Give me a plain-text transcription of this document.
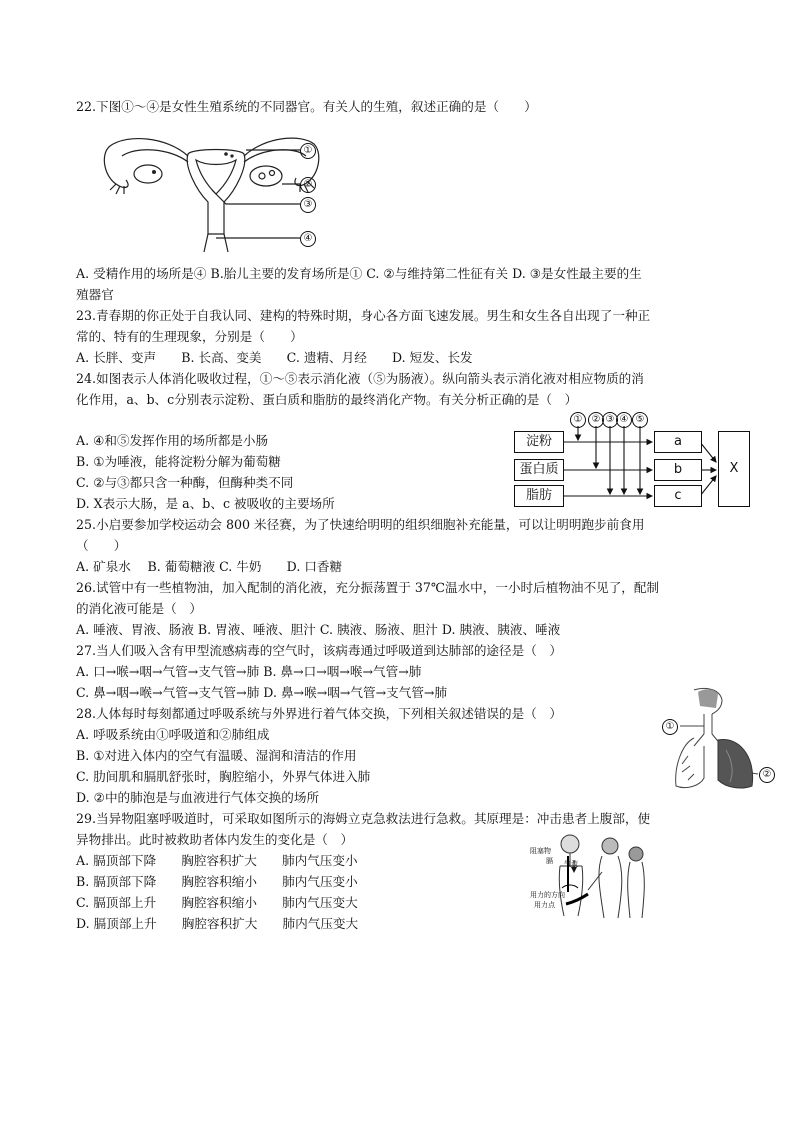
22.下图①～④是女性生殖系统的不同器官。有关人的生殖，叙述正确的是（　　）
①
②
③
④
A. 受精作用的场所是④ B.胎儿主要的发育场所是① C. ②与维持第二性征有关 D. ③是女性最主要的生
殖器官
23.青春期的你正处于自我认同、建构的特殊时期，身心各方面飞速发展。男生和女生各自出现了一种正
常的、特有的生理现象，分别是（　　）
A. 长胖、变声　　B. 长高、变美　　C. 遗精、月经　　D. 短发、长发
24.如图表示人体消化吸收过程，①～⑤表示消化液（⑤为肠液）。纵向箭头表示消化液对相应物质的消
化作用，a、b、c分别表示淀粉、蛋白质和脂肪的最终消化产物。有关分析正确的是（　）
A. ④和⑤发挥作用的场所都是小肠
B. ①为唾液，能将淀粉分解为葡萄糖
C. ②与③都只含一种酶，但酶种类不同
D. X表示大肠，是 a、b、c 被吸收的主要场所
① ② ③ ④ ⑤
淀粉
蛋白质
脂肪
a
b
c
X
25.小启要参加学校运动会 800 米径赛，为了快速给明明的组织细胞补充能量，可以让明明跑步前食用
（　　）
A. 矿泉水　 B. 葡萄糖液 C. 牛奶　　D. 口香糖
26.试管中有一些植物油，加入配制的消化液，充分振荡置于 37℃温水中，一小时后植物油不见了，配制
的消化液可能是（　）
A. 唾液、胃液、肠液 B. 胃液、唾液、胆汁 C. 胰液、肠液、胆汁 D. 胰液、胰液、唾液
27.当人们吸入含有甲型流感病毒的空气时，该病毒通过呼吸道到达肺部的途径是（　）
A. 口→喉→咽→气管→支气管→肺 B. 鼻→口→咽→喉→气管→肺
C. 鼻→咽→喉→气管→支气管→肺 D. 鼻→喉→咽→气管→支气管→肺
28.人体每时每刻都通过呼吸系统与外界进行着气体交换，下列相关叙述错误的是（　）
A. 呼吸系统由①呼吸道和②肺组成
B. ①对进入体内的空气有温暖、湿润和清洁的作用
C. 肋间肌和膈肌舒张时，胸腔缩小，外界气体进入肺
D. ②中的肺泡是与血液进行气体交换的场所
①
②
29.当异物阻塞呼吸道时，可采取如图所示的海姆立克急救法进行急救。其原理是：冲击患者上腹部，使
异物排出。此时被救助者体内发生的变化是（　）
A. 膈顶部下降　　胸腔容积扩大　　肺内气压变小
B. 膈顶部下降　　胸腔容积缩小　　肺内气压变小
C. 膈顶部上升　　胸腔容积缩小　　肺内气压变大
D. 膈顶部上升　　胸腔容积扩大　　肺内气压变大
阻塞物
气流
膈
用力的方向
用力点
